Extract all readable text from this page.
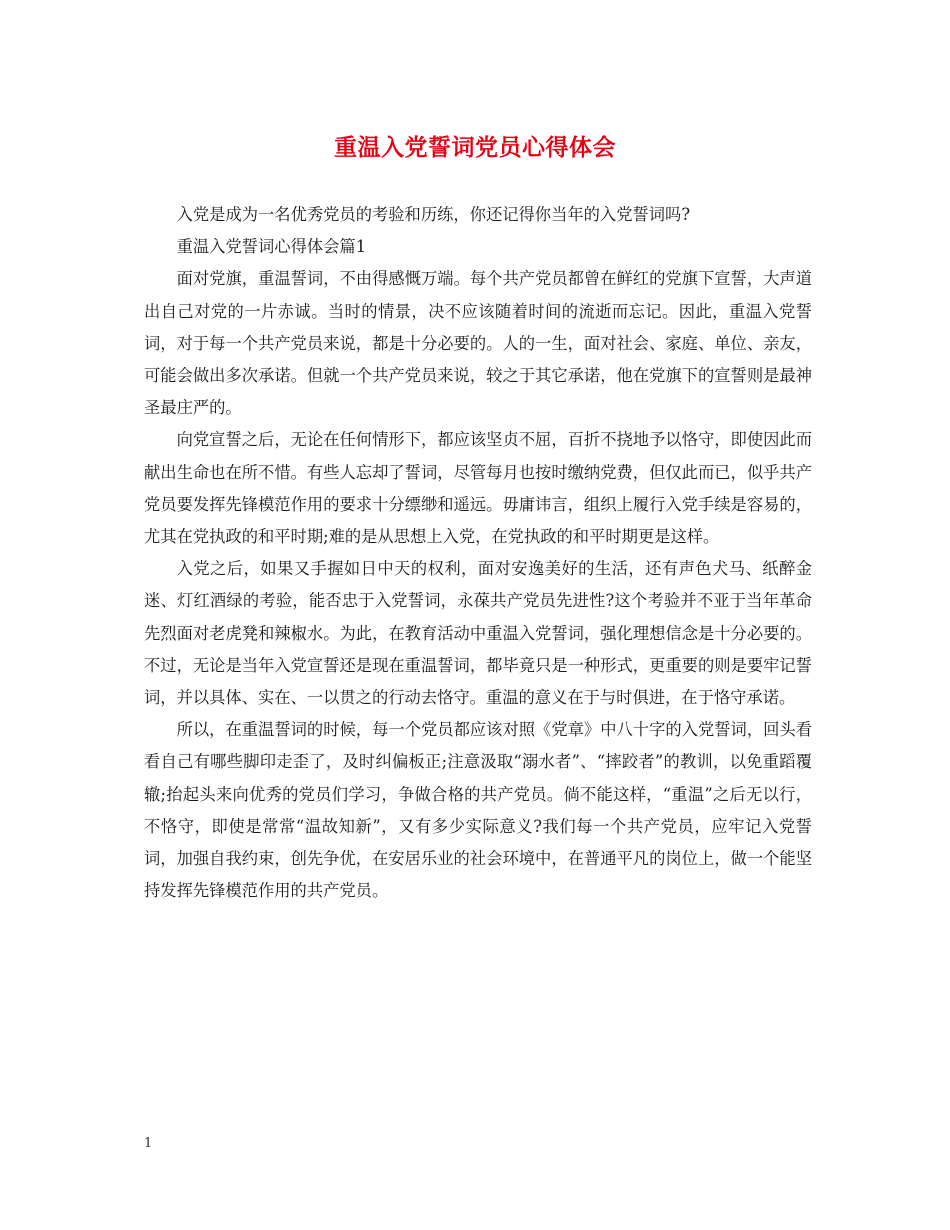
重温入党誓词党员心得体会

入党是成为一名优秀党员的考验和历练，你还记得你当年的入党誓词吗?

重温入党誓词心得体会篇1

面对党旗，重温誓词，不由得感慨万端。每个共产党员都曾在鲜红的党旗下宣誓，大声道出自己对党的一片赤诚。当时的情景，决不应该随着时间的流逝而忘记。因此，重温入党誓词，对于每一个共产党员来说，都是十分必要的。人的一生，面对社会、家庭、单位、亲友，可能会做出多次承诺。但就一个共产党员来说，较之于其它承诺，他在党旗下的宣誓则是最神圣最庄严的。

向党宣誓之后，无论在任何情形下，都应该坚贞不屈，百折不挠地予以恪守，即使因此而献出生命也在所不惜。有些人忘却了誓词，尽管每月也按时缴纳党费，但仅此而已，似乎共产党员要发挥先锋模范作用的要求十分缥缈和遥远。毋庸讳言，组织上履行入党手续是容易的，尤其在党执政的和平时期;难的是从思想上入党，在党执政的和平时期更是这样。

入党之后，如果又手握如日中天的权利，面对安逸美好的生活，还有声色犬马、纸醉金迷、灯红酒绿的考验，能否忠于入党誓词，永葆共产党员先进性?这个考验并不亚于当年革命先烈面对老虎凳和辣椒水。为此，在教育活动中重温入党誓词，强化理想信念是十分必要的。不过，无论是当年入党宣誓还是现在重温誓词，都毕竟只是一种形式，更重要的则是要牢记誓词，并以具体、实在、一以贯之的行动去恪守。重温的意义在于与时俱进，在于恪守承诺。

所以，在重温誓词的时候，每一个党员都应该对照《党章》中八十字的入党誓词，回头看看自己有哪些脚印走歪了，及时纠偏板正;注意汲取“溺水者”、“摔跤者”的教训，以免重蹈覆辙;抬起头来向优秀的党员们学习，争做合格的共产党员。倘不能这样，“重温”之后无以行，不恪守，即使是常常“温故知新”，又有多少实际意义?我们每一个共产党员，应牢记入党誓词，加强自我约束，创先争优，在安居乐业的社会环境中，在普通平凡的岗位上，做一个能坚持发挥先锋模范作用的共产党员。

1
